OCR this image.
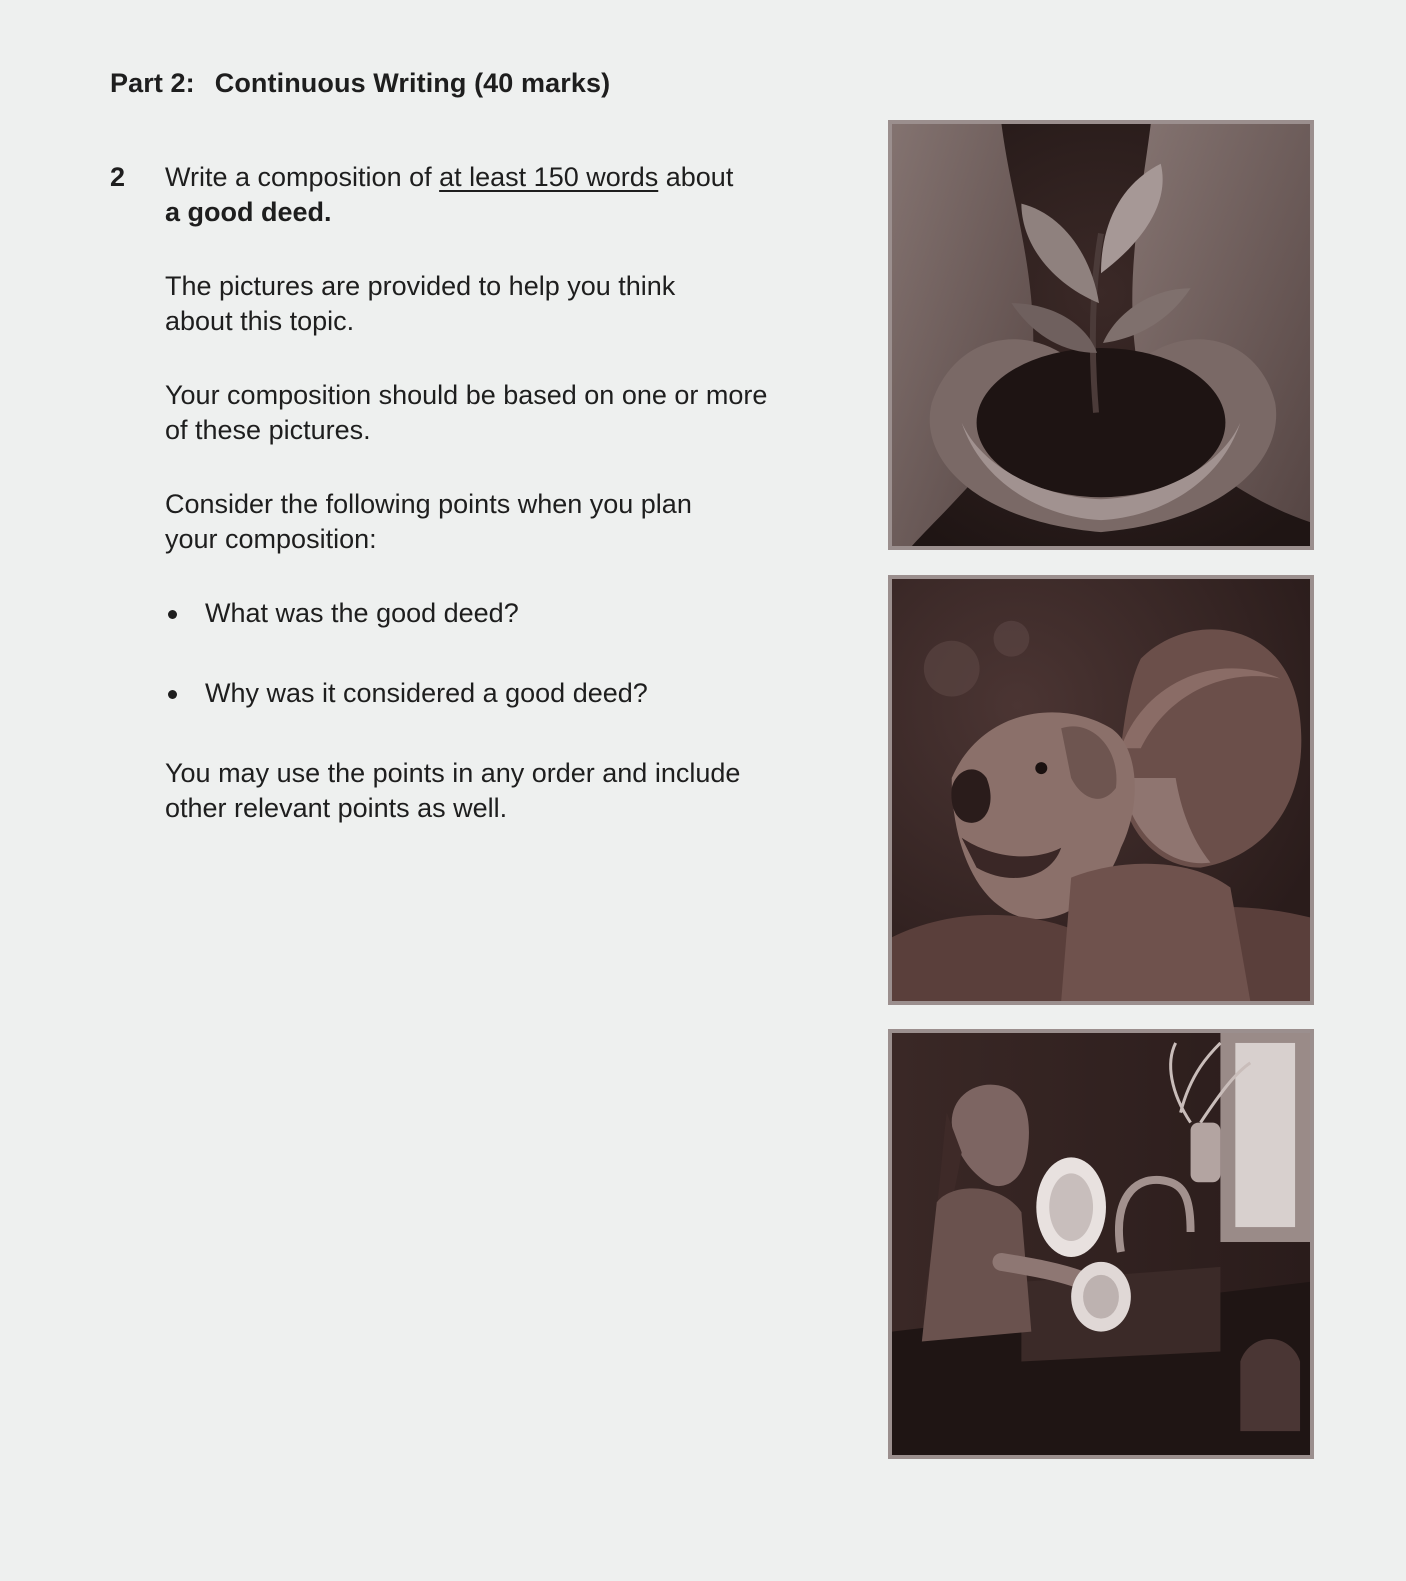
Part 2: Continuous Writing (40 marks)
2 Write a composition of at least 150 words about
a good deed.

The pictures are provided to help you think
about this topic.

Your composition should be based on one or more
of these pictures.

Consider the following points when you plan
your composition:

What was the good deed?
Why was it considered a good deed?

You may use the points in any order and include
other relevant points as well.
